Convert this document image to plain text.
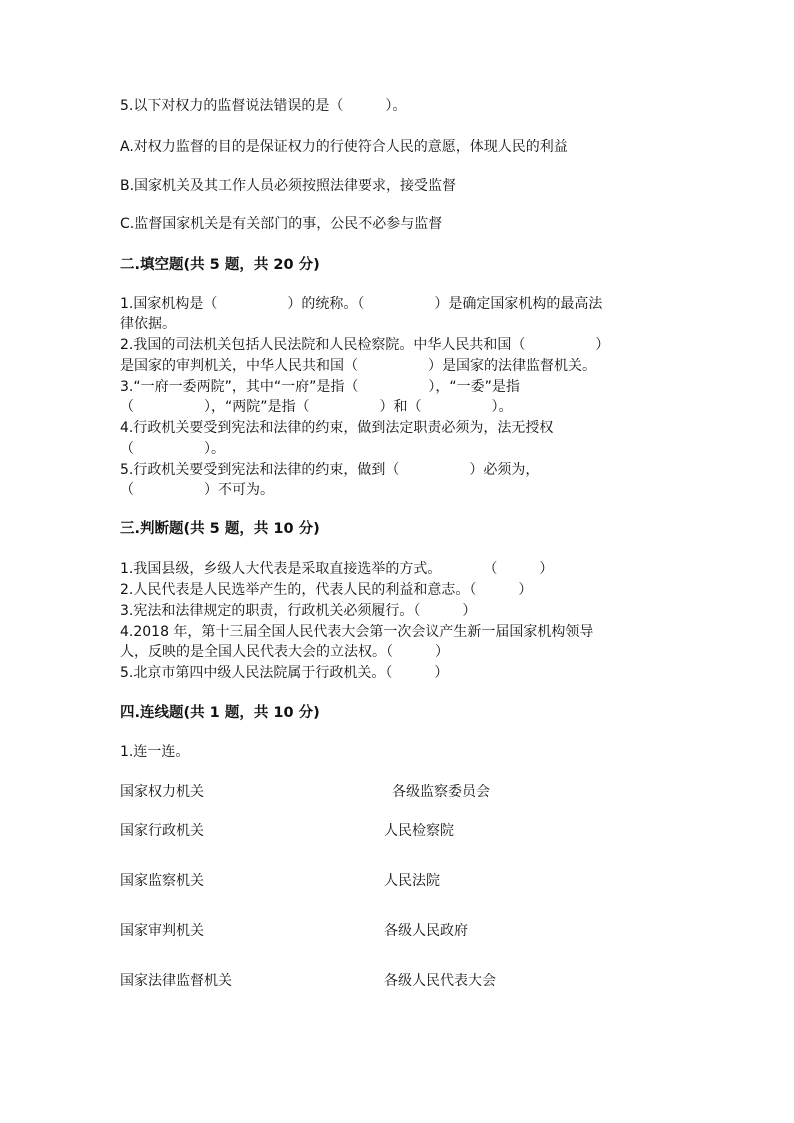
5.以下对权力的监督说法错误的是（　　　）。
A.对权力监督的目的是保证权力的行使符合人民的意愿，体现人民的利益
B.国家机关及其工作人员必须按照法律要求，接受监督
C.监督国家机关是有关部门的事，公民不必参与监督
二.填空题(共 5 题，共 20 分)
1.国家机构是（　　　　　）的统称。（　　　　　）是确定国家机构的最高法
律依据。
2.我国的司法机关包括人民法院和人民检察院。中华人民共和国（　　　　　）
是国家的审判机关，中华人民共和国（　　　　　）是国家的法律监督机关。
3.“一府一委两院”，其中“一府”是指（　　　　　），“一委”是指
（　　　　　），“两院”是指（　　　　　）和（　　　　　）。
4.行政机关要受到宪法和法律的约束，做到法定职责必须为，法无授权
（　　　　　）。
5.行政机关要受到宪法和法律的约束，做到（　　　　　）必须为，
（　　　　　）不可为。
三.判断题(共 5 题，共 10 分)
1.我国县级，乡级人大代表是采取直接选举的方式。　　　　（　　　）
2.人民代表是人民选举产生的，代表人民的利益和意志。（　　　）
3.宪法和法律规定的职责，行政机关必须履行。（　　　）
4.2018 年，第十三届全国人民代表大会第一次会议产生新一届国家机构领导
人，反映的是全国人民代表大会的立法权。（　　　）
5.北京市第四中级人民法院属于行政机关。（　　　）
四.连线题(共 1 题，共 10 分)
1.连一连。
国家权力机关
国家行政机关
国家监察机关
国家审判机关
国家法律监督机关
各级监察委员会
人民检察院
人民法院
各级人民政府
各级人民代表大会
